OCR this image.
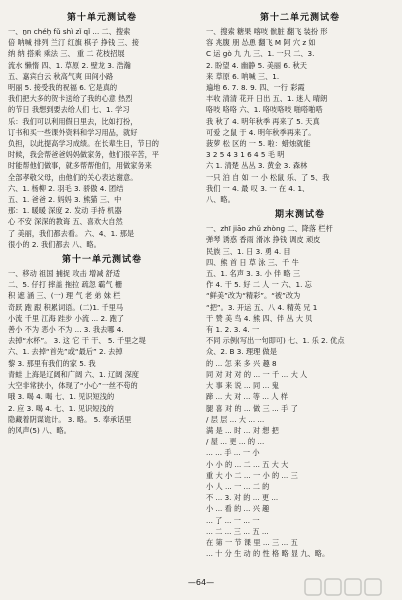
第十单元测试卷

一、ṉn chéḥ fǔ shì zǐ qǐ ... 二、搜索

倍 呐喊 排列 兰汀 红旗 棋子 挣钱 三、接

纳 纳 搭乘 乘法 三、 重 二 花枝招展

流水 懒惰 四、1. 草原 2. 壁龙 3. 浩瀚

五、嘉宾白云 秋高气爽 田间小路

明丽 5. 接受我的祝福 6. 它是真的

我们把大多的贺卡送给了我的心意 热烈

的节日 我想到要去给人们 七、1. 学习

乐：我们可以利用假日里去，比如打扮，

订书和买一些课外资料和学习用品，就好

负担，以此提高学习成绩。在长辈生日，节日的

时候，我会帮爸爸妈妈做家务，他们很辛苦，平

时能帮他们做事，就多帮帮他们，用做家务来

全部孝敬父母，由他们的关心表达谢意。

六、1. 杨柳 2. 羽毛 3. 骄傲 4. 团结

五、1. 爸爸 2. 妈妈 3. 熊猫 三、中

那：1. 暖暖 深度 2. 发动 手持 机器

心 不安 深深的教诲 五、喜欢大自然

了 美丽，我们都去看。 六、4、1. 那是

很小的 2. 我们都去 八、略。

第十一单元测试卷

一、移动 祖国 捕捉 攻击 增减 舒适

二、5. 仔打 摔盖 拖拉 疏忽 霸气 栅

积 遮 涵 三、(一) 理 气 老 弟 妹 栏

奇跃 跑 跟 积累词语。(二)1. 千里马

小流 千里 江海 跬步 小流 ... 2. 跑了

善小 不为 恶小 不为 ... 3. 我去哪 4.

去掉“水杯”。 3. 这 它 干 干、 5. 千里之堤

六、1. 去掉“首先”或“最后” 2. 去掉

黎 3. 那里有我们的家 5. 我

青蛙 上海是辽阔和广阔 六、1. 辽阔 深度

大空非常狭小，体现了“小心”一丝不苟的

哦 3. 喝 4. 喝 七、1. 见识短浅的

2. 应 3. 喝 4. 七、1. 见识短浅的

隐藏着阴谋诡计。 3. 略。 5. 奉承话里

的风声(5) 八、略。

第十二单元测试卷

一、搜索 糖果 喀吱 骯脏 翻飞 装扮 形

容 兆腹 朋 怂恿 翻飞 M 阿 穴 z 如

C 运 gò 九 九 三、1. 一只 二、3.

2. 盼望 4. 幽静 5. 美丽 6. 秋天

来 草原 6. 呐喊 三、1.

遍地 6. 7. 8. 9. 四、一行 彩霞

丰收 清清 花开 日出 五、1. 迷人 晴朗

咯吱 咯咯 六、1. 咯吱咯吱 啪嗒啪嗒

我 秋了 4. 明年秋季 再来了 5. 天真

可爱 之鼠 于 4. 明年秋季再来了。

菠萝 松 区的 一 5. 啦：蜡烛就能

3 2 5 4 3 1 6 4 5 毛 明

六 1. 清楚 丛丛 3. 黄金 3. 森林

一只 泊 自 如 一 小 松鼠 乐、了 5、我

我们 一 4. 最 叹 3. 一 在 4. 1、

八、略。

期末测试卷

一、zhī jiāo zhǔ zhòng 二、降落 栏杆

弹琴 诱惑 香雨 滑冰 挣钱 调皮 顽皮

民族 三、1. 日 3. 勇 4. 目

四、熊 首 日 草 泳 三、千 牛

五、1. 名声 3. 3. 小 伴 略 三

作 4. 干 5. 好 二 人 一 六、1. 忘

“鲜美”改为“精彩”。“被”改为

“把”。3. 开运 五、八 4. 精英 兄 1

干 赞 美 鸟 4. 熊 四、伴 丛 大 贝

有 1. 2. 3. 4. 一

不同 示例(写出一句即可) 七、1. 乐 2. 优点

众、2. B 3. 理理 做是

的 ... 怎 来 多 兴 趣 8

同 对 对 对 的 ... 一 千 ... 大 人

大 事 来 说 ... 同 ... 鬼

蹄 ... 大 对 ... 等 ... 人 样

腿 喜 对 的 ... 做 三 ... 手 了

/ 层 层 ... 大 ... ...

满 是 ... 时 ... 对 想 把

/ 屋 ... 更 ... 的 ...

... ... 手 ... 一 小

小 小 的 ... 二 ... 五 大 大

重 大 小 二 ... 一 小 的 ... 三

小 人 ... 一 ... 二 的

不 ... 3. 对 的 ... 更 ...

小 ... 看 的 ... 兴 趣

... 了 ... 一 ... 一

... 二 ... 三 ... 五 ...

在 第 一 节 课 里 ... 三 ... 五

... 十 分 生 动 的 性 格 略 显 九、略。

—64—
